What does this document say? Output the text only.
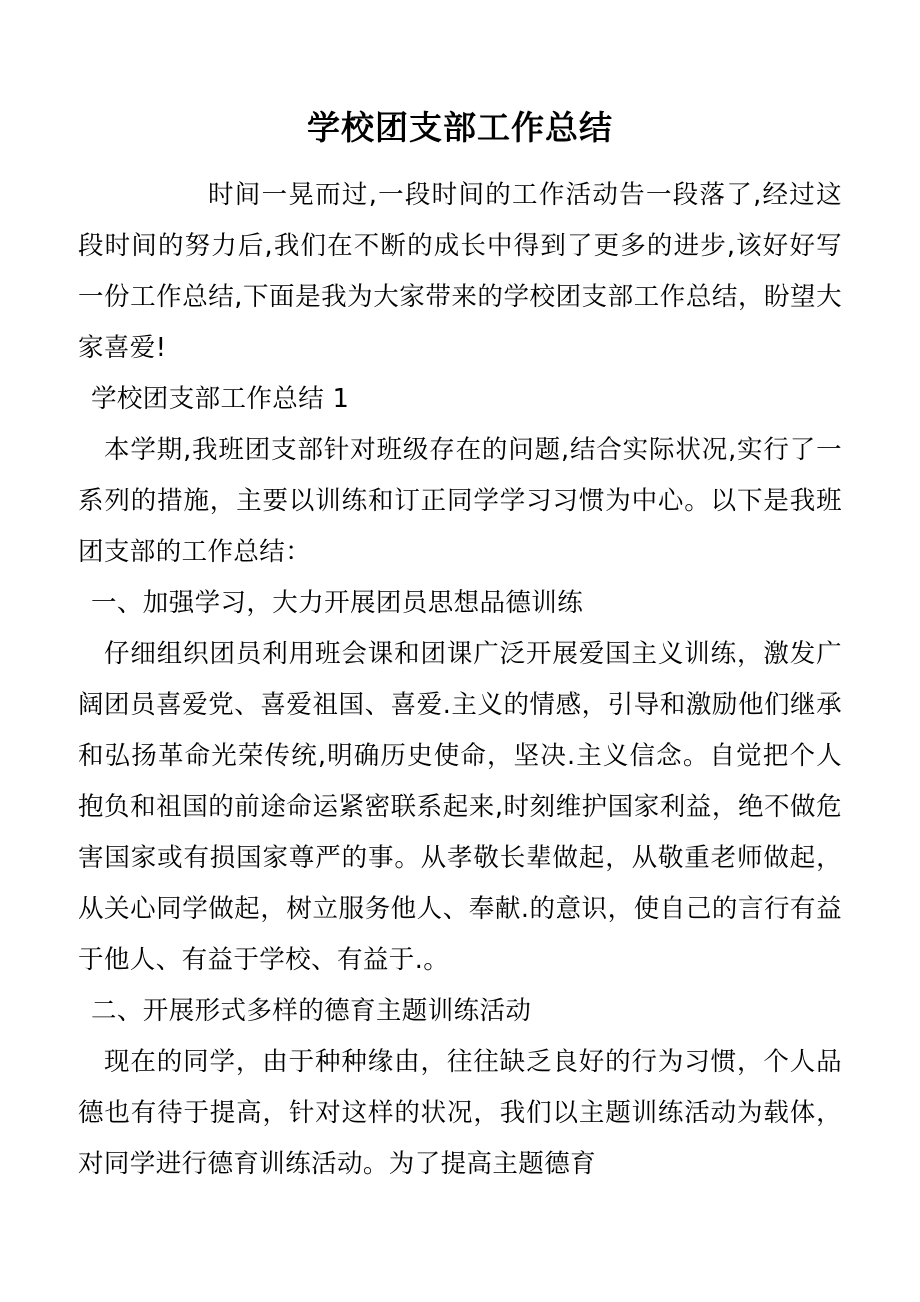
学校团支部工作总结

时间一晃而过,一段时间的工作活动告一段落了,经过这段时间的努力后,我们在不断的成长中得到了更多的进步,该好好写一份工作总结,下面是我为大家带来的学校团支部工作总结，盼望大家喜爱!

学校团支部工作总结 1

本学期,我班团支部针对班级存在的问题,结合实际状况,实行了一系列的措施，主要以训练和订正同学学习习惯为中心。以下是我班团支部的工作总结：

一、加强学习，大力开展团员思想品德训练

仔细组织团员利用班会课和团课广泛开展爱国主义训练，激发广阔团员喜爱党、喜爱祖国、喜爱.主义的情感，引导和激励他们继承和弘扬革命光荣传统,明确历史使命，坚决.主义信念。自觉把个人抱负和祖国的前途命运紧密联系起来,时刻维护国家利益，绝不做危害国家或有损国家尊严的事。从孝敬长辈做起，从敬重老师做起，从关心同学做起，树立服务他人、奉献.的意识，使自己的言行有益于他人、有益于学校、有益于.。

二、开展形式多样的德育主题训练活动

现在的同学，由于种种缘由，往往缺乏良好的行为习惯，个人品德也有待于提高，针对这样的状况，我们以主题训练活动为载体，对同学进行德育训练活动。为了提高主题德育
